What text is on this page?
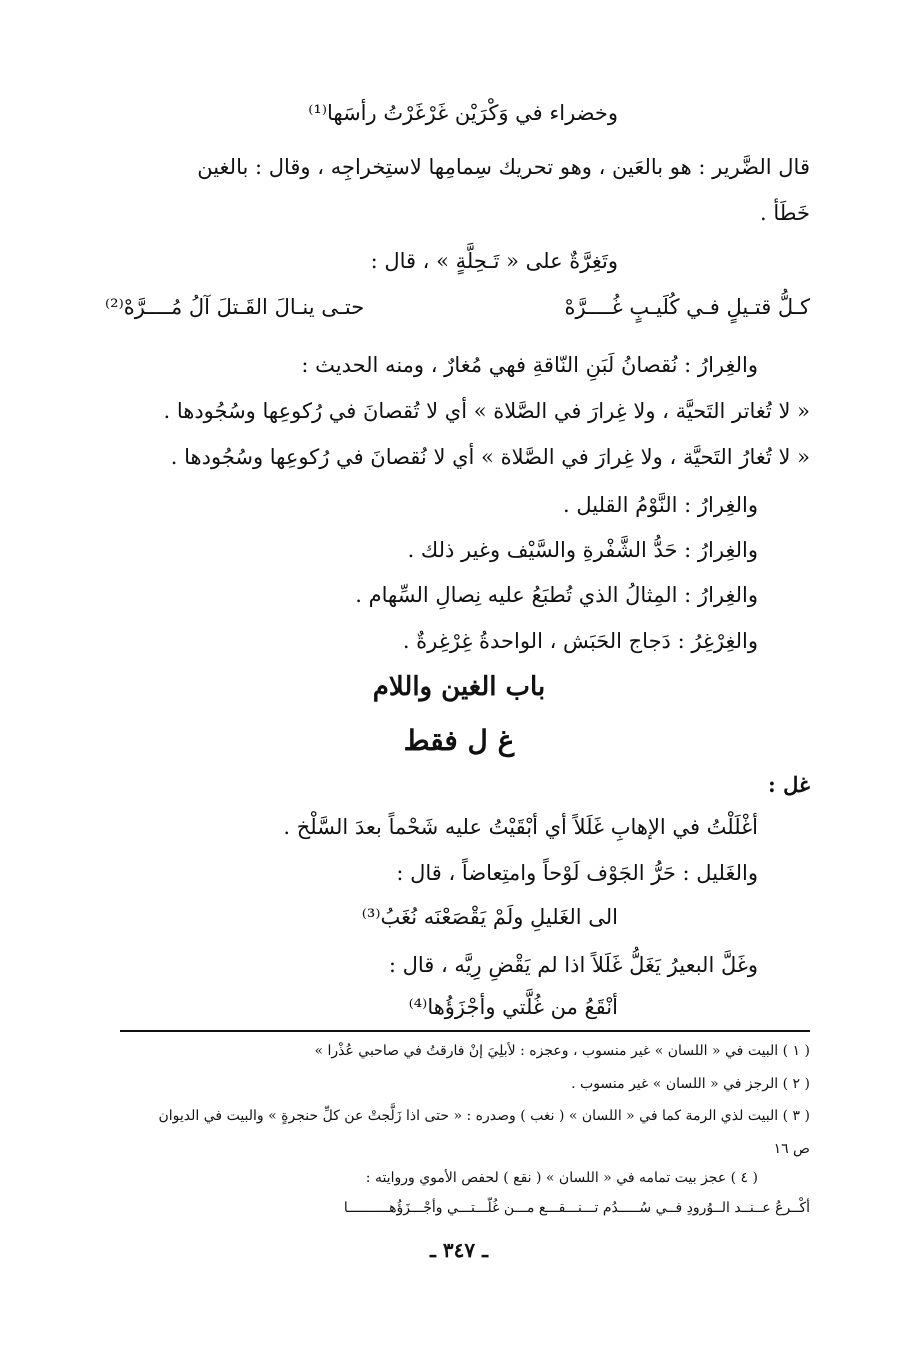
وخضراء في وَكْرَيْن غَرْغَرْتُ رأسَها⁽¹⁾
قال الضَّرير : هو بالعَين ، وهو تحريك سِمامِها لاستِخراجِه ، وقال : بالغين
خَطَأ .
وتَغِرَّةٌ على « تَـحِلَّةٍ » ، قال :
كـلُّ قتـيلٍ فـي كُلَيـبٍ غُــــرَّهْ
حتـى ينـالَ القَـتلَ آلُ مُــــرَّهْ⁽²⁾
والغِرارُ : نُقصانُ لَبَنِ النّاقةِ فهي مُغارٌ ، ومنه الحديث :
« لا تُغاتر التَحيَّة ، ولا غِرارَ في الصَّلاة » أي لا تُقصانَ في رُكوعِها وسُجُودها .
« لا تُغارُ التَحيَّة ، ولا غِرارَ في الصَّلاة » أي لا نُقصانَ في رُكوعِها وسُجُودها .
والغِرارُ : النَّوْمُ القليل .
والغِرارُ : حَدُّ الشَّفْرةِ والسَّيْف وغير ذلك .
والغِرارُ : المِثالُ الذي تُطبَعُ عليه نِصالِ السِّهام .
والغِرْغِرُ : دَجاج الحَبَش ، الواحدةُ غِرْغِرةٌ .
باب الغين واللام
غ ل فقط
غل :
أغْلَلْتُ في الإهابِ غَلَلاً أي أبْقَيْتُ عليه شَحْماً بعدَ السَّلْخ .
والغَليل : حَرُّ الجَوْف لَوْحاً وامتِعاضاً ، قال :
الى الغَليلِ ولَمْ يَقْصَعْنَه نُغَبُ⁽³⁾
وغَلَّ البعيرُ يَغَلُّ غَلَلاً اذا لم يَقْضِ رِيَّه ، قال :
أنْقَعُ من غُلَّتي وأجْزَؤُها⁽⁴⁾
( ١ ) البيت في « اللسان » غير منسوب ، وعجزه : لأبلِيَ إنْ فارقتُ في صاحبي عُذْرا »
( ٢ ) الرجز في « اللسان » غير منسوب .
( ٣ ) البيت لذي الرمة كما في « اللسان » ( نغب ) وصدره : « حتى اذا زَلَّجتْ عن كلِّ حنجرةٍ » والبيت في الديوان
ص ١٦
( ٤ ) عجز بيت تمامه في « اللسان » ( نقع ) لحفص الأموي وروايته :
أكْــرعُ عــنــد الــوُرودِ فــي سُـــــدُم تـــنـــقـــع مـــن غُلّـــتـــي وأجْـــزَؤُهــــــــــا
ـ ٣٤٧ ـ
